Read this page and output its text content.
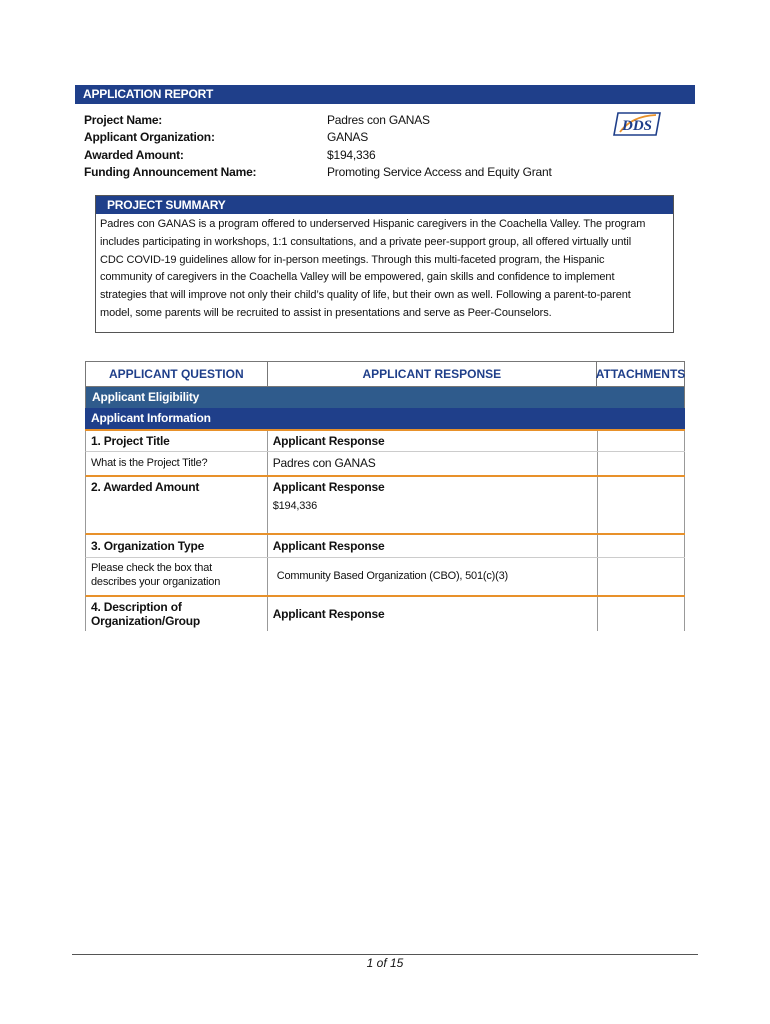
APPLICATION REPORT
Project Name:	Padres con GANAS
Applicant Organization:	GANAS
Awarded Amount:	$194,336
Funding Announcement Name:	Promoting Service Access and Equity Grant
DDS
PROJECT SUMMARY
Padres con GANAS is a program offered to underserved Hispanic caregivers in the Coachella Valley. The program
includes participating in workshops, 1:1 consultations, and a private peer-support group, all offered virtually until
CDC COVID-19 guidelines allow for in-person meetings. Through this multi-faceted program, the Hispanic
community of caregivers in the Coachella Valley will be empowered, gain skills and confidence to implement
strategies that will improve not only their child’s quality of life, but their own as well. Following a parent-to-parent
model, some parents will be recruited to assist in presentations and serve as Peer-Counselors.
APPLICANT QUESTION	APPLICANT RESPONSE	ATTACHMENTS
Applicant Eligibility
Applicant Information
1. Project Title	Applicant Response
What is the Project Title?	Padres con GANAS
2. Awarded Amount	Applicant Response
$194,336
3. Organization Type	Applicant Response
Please check the box that
describes your organization	Community Based Organization (CBO), 501(c)(3)
4. Description of
Organization/Group	Applicant Response
1 of 15
